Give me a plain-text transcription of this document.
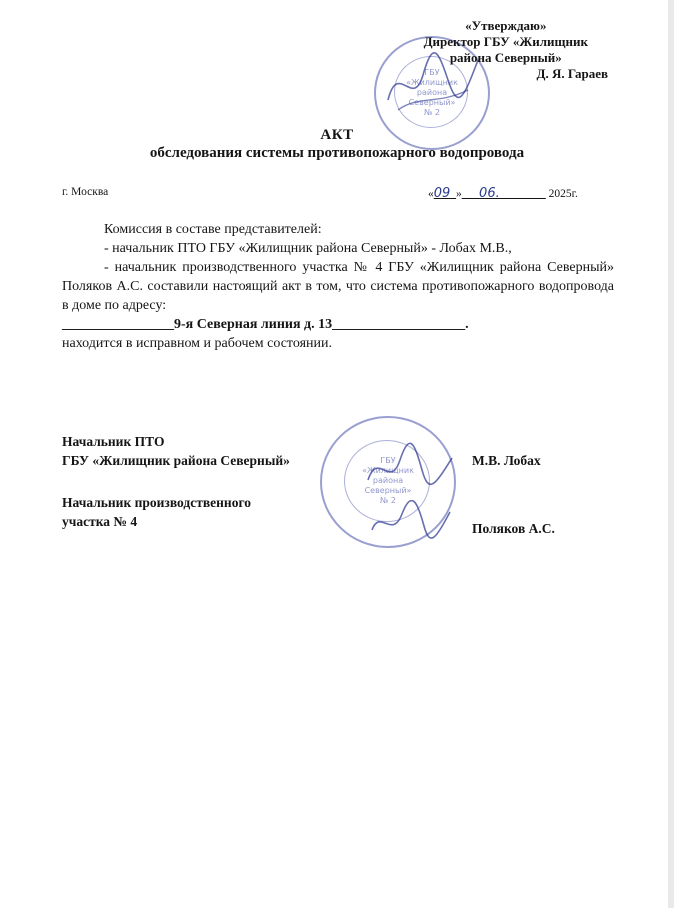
ГБУ
«Жилищник
района
Северный»
№ 2
«Утверждаю»
Директор ГБУ «Жилищник
района Северный»
Д. Я. Гараев
АКТ
обследования системы противопожарного водопровода
г. Москва	«09_»___06.________ 2025г.
Комиссия в составе представителей:
- начальник ПТО ГБУ «Жилищник района Северный» - Лобах М.В.,
- начальник производственного участка № 4 ГБУ «Жилищник района Северный» Поляков А.С. составили настоящий акт в том, что система противопожарного водопровода в доме по адресу:
________________9-я Северная линия д. 13___________________.
находится в исправном и рабочем состоянии.
ГБУ
«Жилищник
района
Северный»
№ 2
Начальник ПТО
ГБУ «Жилищник района Северный»	М.В. Лобах
Начальник производственного
участка № 4	Поляков А.С.
